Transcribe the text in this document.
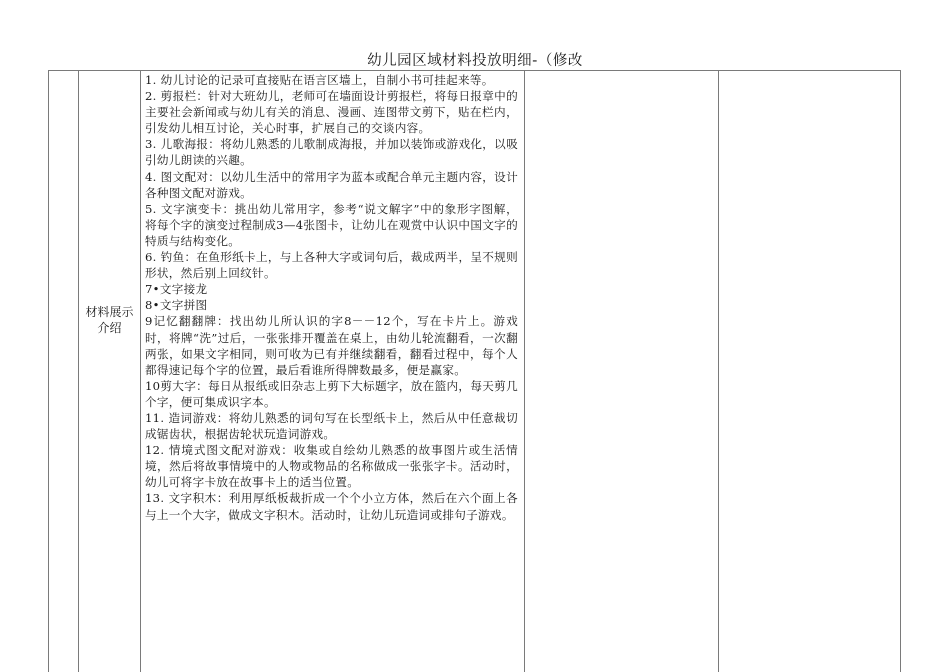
幼儿园区域材料投放明细-（修改
	材料展示介绍	

1. 幼儿讨论的记录可直接贴在语言区墙上，自制小书可挂起来等。

2. 剪报栏：针对大班幼儿，老师可在墙面设计剪报栏，将每日报章中的主要社会新闻或与幼儿有关的消息、漫画、连图带文剪下，贴在栏内，引发幼儿相互讨论，关心时事，扩展自己的交谈内容。

3. 儿歌海报：将幼儿熟悉的儿歌制成海报，并加以装饰或游戏化，以吸引幼儿朗读的兴趣。

4. 图文配对：以幼儿生活中的常用字为蓝本或配合单元主题内容，设计各种图文配对游戏。

5. 文字演变卡：挑出幼儿常用字，参考“说文解字”中的象形字图解，将每个字的演变过程制成3—4张图卡，让幼儿在观赏中认识中国文字的特质与结构变化。

6. 钓鱼：在鱼形纸卡上，与上各种大字或词句后，裁成两半，呈不规则形状，然后别上回纹针。

7•文字接龙

8•文字拼图

9记忆翻翻牌：找出幼儿所认识的字8－－12个，写在卡片上。游戏时，将牌“洗”过后，一张张排开覆盖在桌上，由幼儿轮流翻看，一次翻两张，如果文字相同，则可收为已有并继续翻看，翻看过程中，每个人都得速记每个字的位置，最后看谁所得牌数最多，便是赢家。

10剪大字：每日从报纸或旧杂志上剪下大标题字，放在篮内，每天剪几个字，便可集成识字本。

11. 造词游戏：将幼儿熟悉的词句写在长型纸卡上，然后从中任意裁切成锯齿状，根据齿轮状玩造词游戏。

12. 情境式图文配对游戏：收集或自绘幼儿熟悉的故事图片或生活情境，然后将故事情境中的人物或物品的名称做成一张张字卡。活动时，幼儿可将字卡放在故事卡上的适当位置。

13. 文字积木：利用厚纸板裁折成一个个小立方体，然后在六个面上各与上一个大字，做成文字积木。活动时，让幼儿玩造词或排句子游戏。
